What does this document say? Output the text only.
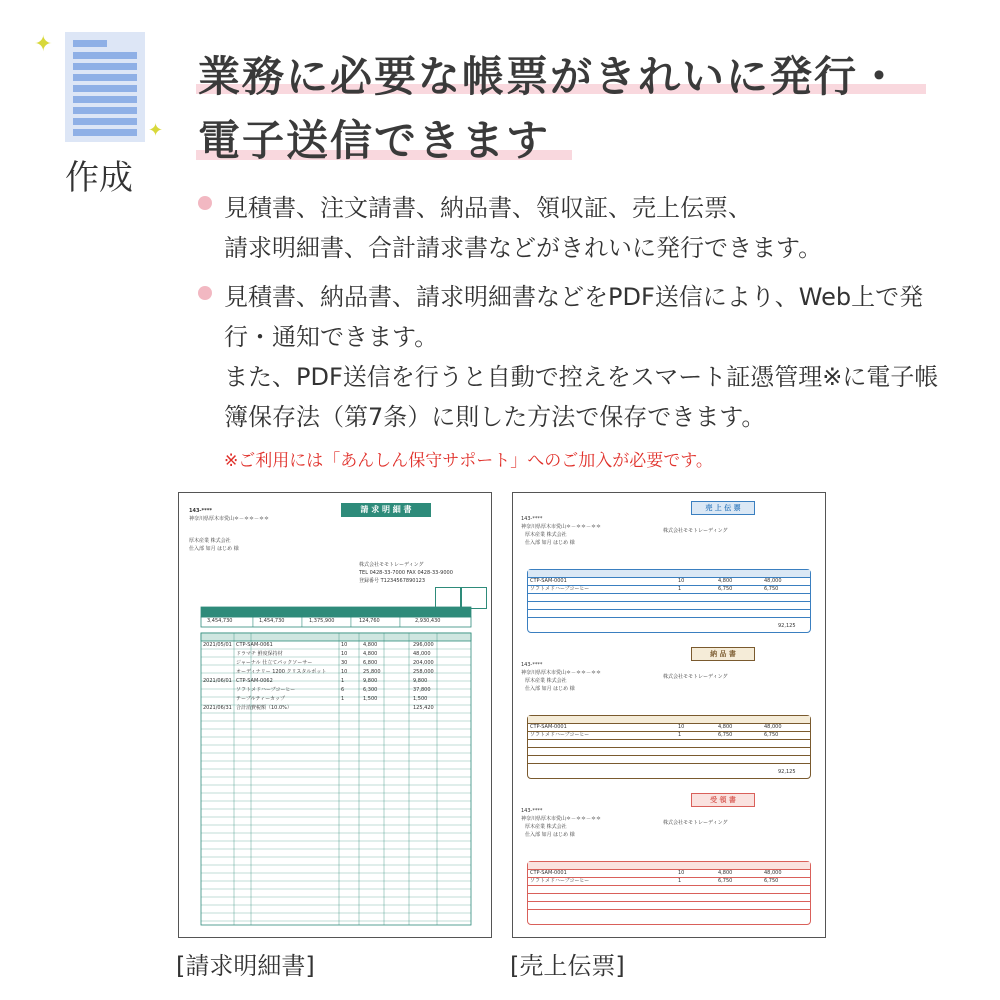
✦
✦
作成
業務に必要な帳票がきれいに発行・
電子送信できます
見積書、注文請書、納品書、領収証、売上伝票、
請求明細書、合計請求書などがきれいに発行できます。
見積書、納品書、請求明細書などをPDF送信により、Web上で発
行・通知できます。
また、PDF送信を行うと自動で控えをスマート証憑管理※に電子帳
簿保存法（第7条）に則した方法で保存できます。
※ご利用には「あんしん保守サポート」へのご加入が必要です。
請 求 明 細 書
143-****
神奈川県厚木市愛山＊－＊＊－＊＊
厚木産業 株式会社
仕入部 如月 はじめ 様
株式会社モモトレーディング
TEL 0428-33-7000 FAX 0428-33-9000
登録番号 T1234567890123
3,454,730	1,454,730	1,375,900	124,760	2,930,430
2021/05/01 CTP-SAM-0061	10	4,800	296,000
ドラマチ 鮮度保持材	10	4,800	48,000
ジャーナル 仕立てパックソーサー	30	6,800	204,000
オーディナリー 1200 クリスタルポット	10	25,800	258,000
2021/06/01 CTP-SAM-0062	1	9,800	9,800
ソフトメドハーブコーヒー	6	6,300	37,800
テーブルティーカップ	1	1,500	1,500
2021/06/31 合計消費税額（10.0%）	125,420
[請求明細書]
売 上 伝 票
143-****
神奈川県厚木市愛山＊－＊＊－＊＊
厚木産業 株式会社
仕入部 如月 はじめ 様
株式会社モモトレーディング
CTP-SAM-0001	10	4,800	48,000
ソフトメドハーブコーヒー	1	6,750	6,750
92,125
納 品 書
143-****
神奈川県厚木市愛山＊－＊＊－＊＊
厚木産業 株式会社
仕入部 如月 はじめ 様
株式会社モモトレーディング
CTP-SAM-0001	10	4,800	48,000
ソフトメドハーブコーヒー	1	6,750	6,750
92,125
受 領 書
143-****
神奈川県厚木市愛山＊－＊＊－＊＊
厚木産業 株式会社
仕入部 如月 はじめ 様
株式会社モモトレーディング
CTP-SAM-0001	10	4,800	48,000
ソフトメドハーブコーヒー	1	6,750	6,750
[売上伝票]
